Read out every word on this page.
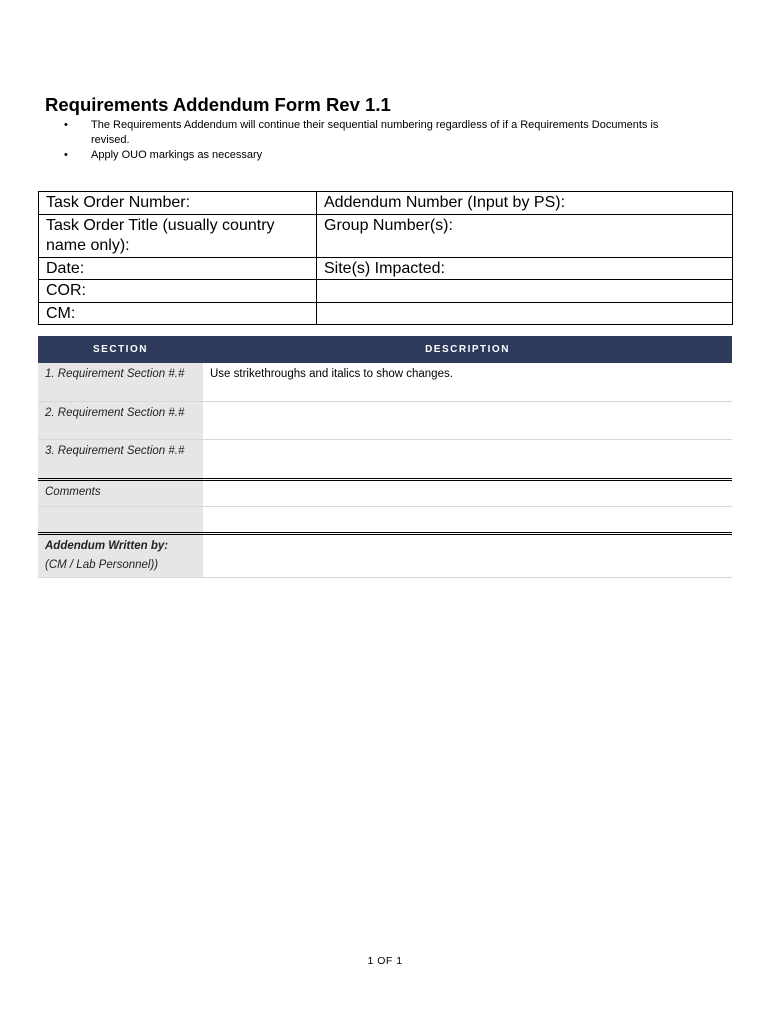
Requirements Addendum Form Rev 1.1
• The Requirements Addendum will continue their sequential numbering regardless of if a Requirements Documents is revised.
• Apply OUO markings as necessary
Task Order Number:	Addendum Number (Input by PS):
Task Order Title (usually country name only):	Group Number(s):
Date:	Site(s) Impacted:
COR:	
CM:	
SECTION	DESCRIPTION
1. Requirement Section #.#	Use strikethroughs and italics to show changes.
2. Requirement Section #.#	
3. Requirement Section #.#	
Comments	

Addendum Written by:
(CM / Lab Personnel))	
1 OF 1
